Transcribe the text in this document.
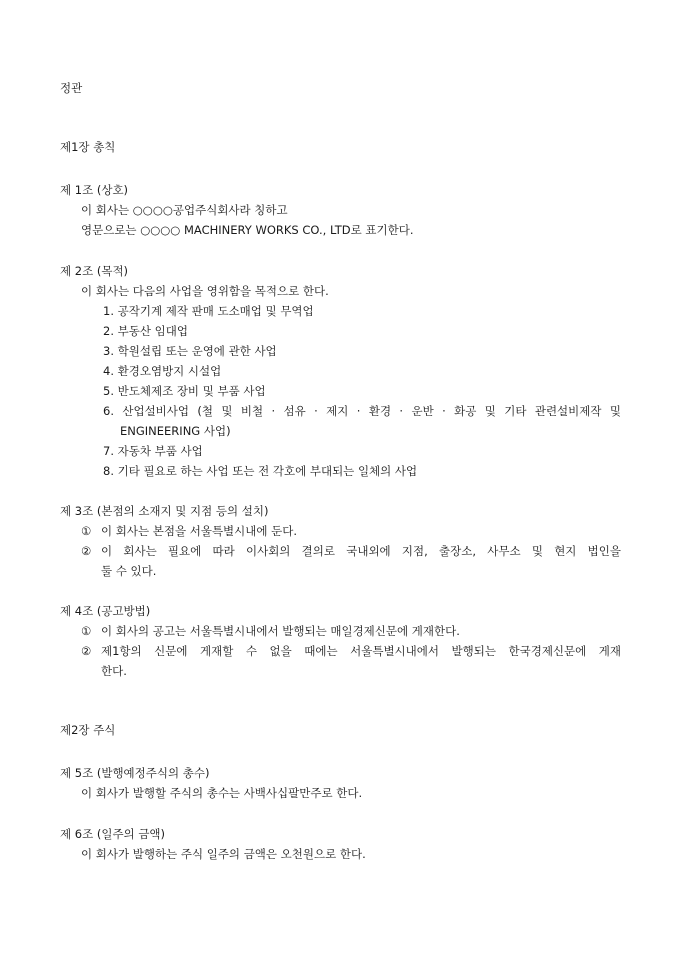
정관
제1장 총칙
제 1조 (상호)
이 회사는 ○○○○공업주식회사라 칭하고
영문으로는 ○○○○ MACHINERY WORKS CO., LTD로 표기한다.
제 2조 (목적)
이 회사는 다음의 사업을 영위함을 목적으로 한다.
1. 공작기계 제작 판매 도소매업 및 무역업
2. 부동산 임대업
3. 학원설립 또는 운영에 관한 사업
4. 환경오염방지 시설업
5. 반도체제조 장비 및 부품 사업
6. 산업설비사업 (철 및 비철 · 섬유 · 제지 · 환경 · 운반 · 화공 및 기타 관련설비제작 및
ENGINEERING 사업)
7. 자동차 부품 사업
8. 기타 필요로 하는 사업 또는 전 각호에 부대되는 일체의 사업
제 3조 (본점의 소재지 및 지점 등의 설치)
① 이 회사는 본점을 서울특별시내에 둔다.
② 이 회사는 필요에 따라 이사회의 결의로 국내외에 지점, 출장소, 사무소 및 현지 법인을
둘 수 있다.
제 4조 (공고방법)
① 이 회사의 공고는 서울특별시내에서 발행되는 매일경제신문에 게재한다.
② 제1항의 신문에 게재할 수 없을 때에는 서울특별시내에서 발행되는 한국경제신문에 게재
한다.
제2장 주식
제 5조 (발행예정주식의 총수)
이 회사가 발행할 주식의 총수는 사백사십팔만주로 한다.
제 6조 (일주의 금액)
이 회사가 발행하는 주식 일주의 금액은 오천원으로 한다.
